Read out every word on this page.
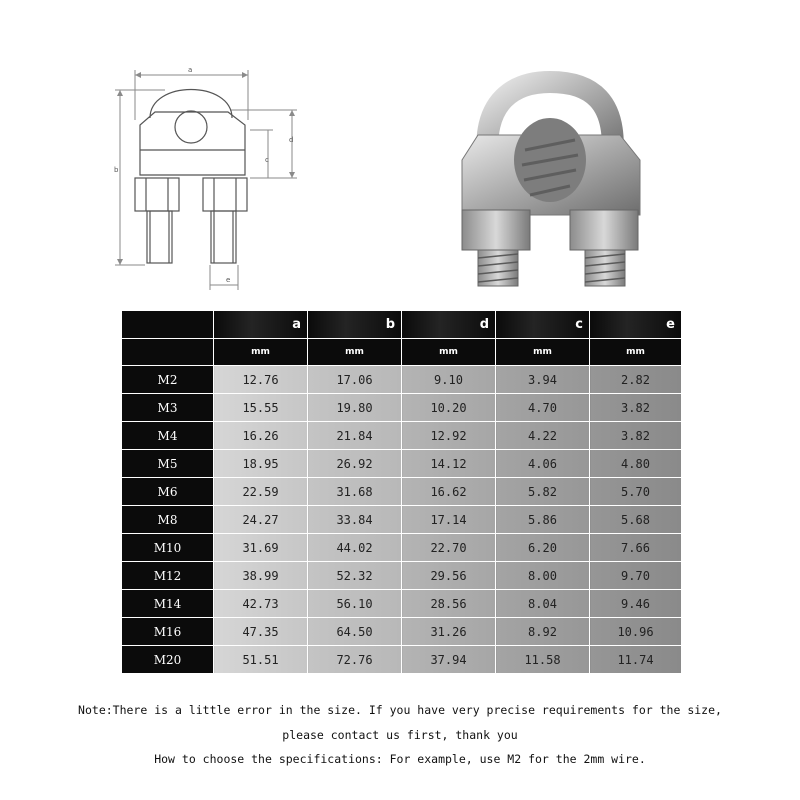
a
b
d
c
e
	a	b	d	c	e
	mm	mm	mm	mm	mm
M2	12.76	17.06	9.10	3.94	2.82
M3	15.55	19.80	10.20	4.70	3.82
M4	16.26	21.84	12.92	4.22	3.82
M5	18.95	26.92	14.12	4.06	4.80
M6	22.59	31.68	16.62	5.82	5.70
M8	24.27	33.84	17.14	5.86	5.68
M10	31.69	44.02	22.70	6.20	7.66
M12	38.99	52.32	29.56	8.00	9.70
M14	42.73	56.10	28.56	8.04	9.46
M16	47.35	64.50	31.26	8.92	10.96
M20	51.51	72.76	37.94	11.58	11.74
Note:There is a little error in the size. If you have very precise requirements for the size,
please contact us first, thank you
How to choose the specifications: For example, use M2 for the 2mm wire.
